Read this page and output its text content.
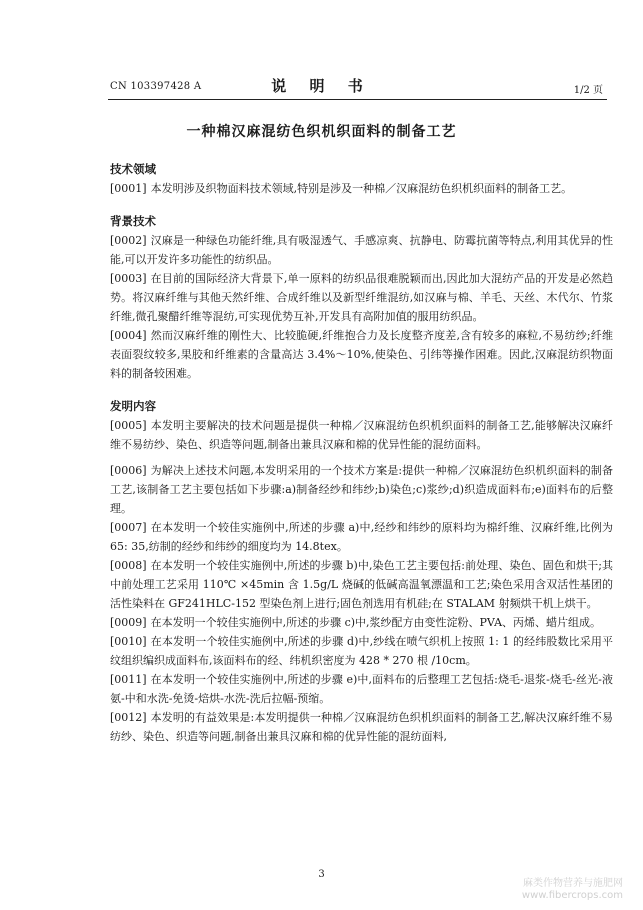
CN 103397428 A	说 明 书	1/2 页
一种棉汉麻混纺色织机织面料的制备工艺
技术领域

[0001] 本发明涉及织物面料技术领域,特别是涉及一种棉／汉麻混纺色织机织面料的制备工艺。

背景技术

[0002] 汉麻是一种绿色功能纤维,具有吸湿透气、手感凉爽、抗静电、防霉抗菌等特点,利用其优异的性能,可以开发许多功能性的纺织品。

[0003] 在目前的国际经济大背景下,单一原料的纺织品很难脱颖而出,因此加大混纺产品的开发是必然趋势。将汉麻纤维与其他天然纤维、合成纤维以及新型纤维混纺,如汉麻与棉、羊毛、天丝、木代尔、竹浆纤维,微孔聚醋纤维等混纺,可实现优势互补,开发具有高附加值的服用纺织品。

[0004] 然而汉麻纤维的刚性大、比较脆硬,纤维抱合力及长度整齐度差,含有较多的麻粒,不易纺纱;纤维表面裂纹较多,果胶和纤维素的含量高达 3.4%～10%,使染色、引纬等操作困难。因此,汉麻混纺织物面料的制备较困难。

发明内容

[0005] 本发明主要解决的技术问题是提供一种棉／汉麻混纺色织机织面料的制备工艺,能够解决汉麻纤维不易纺纱、染色、织造等问题,制备出兼具汉麻和棉的优异性能的混纺面料。

[0006] 为解决上述技术问题,本发明采用的一个技术方案是:提供一种棉／汉麻混纺色织机织面料的制备工艺,该制备工艺主要包括如下步骤:a)制备经纱和纬纱;b)染色;c)浆纱;d)织造成面料布;e)面料布的后整理。

[0007] 在本发明一个较佳实施例中,所述的步骤 a)中,经纱和纬纱的原料均为棉纤维、汉麻纤维,比例为 65: 35,纺制的经纱和纬纱的细度均为 14.8tex。

[0008] 在本发明一个较佳实施例中,所述的步骤 b)中,染色工艺主要包括:前处理、染色、固色和烘干;其中前处理工艺采用 110℃ ×45min 含 1.5g/L 烧碱的低碱高温氧漂温和工艺;染色采用含双活性基团的活性染料在 GF241HLC-152 型染色剂上进行;固色剂选用有机硅;在 STALAM 射频烘干机上烘干。

[0009] 在本发明一个较佳实施例中,所述的步骤 c)中,浆纱配方由变性淀粉、PVA、丙烯、蜡片组成。

[0010] 在本发明一个较佳实施例中,所述的步骤 d)中,纱线在喷气织机上按照 1: 1 的经纬股数比采用平纹组织编织成面料布,该面料布的经、纬机织密度为 428 * 270 根 /10cm。

[0011] 在本发明一个较佳实施例中,所述的步骤 e)中,面料布的后整理工艺包括:烧毛-退浆-烧毛-丝光-液氨-中和水洗-免烫-焙烘-水洗-洗后拉幅-预缩。

[0012] 本发明的有益效果是:本发明提供一种棉／汉麻混纺色织机织面料的制备工艺,解决汉麻纤维不易纺纱、染色、织造等问题,制备出兼具汉麻和棉的优异性能的混纺面料,

3
麻类作物营养与施肥网
www.fibercrops.com
